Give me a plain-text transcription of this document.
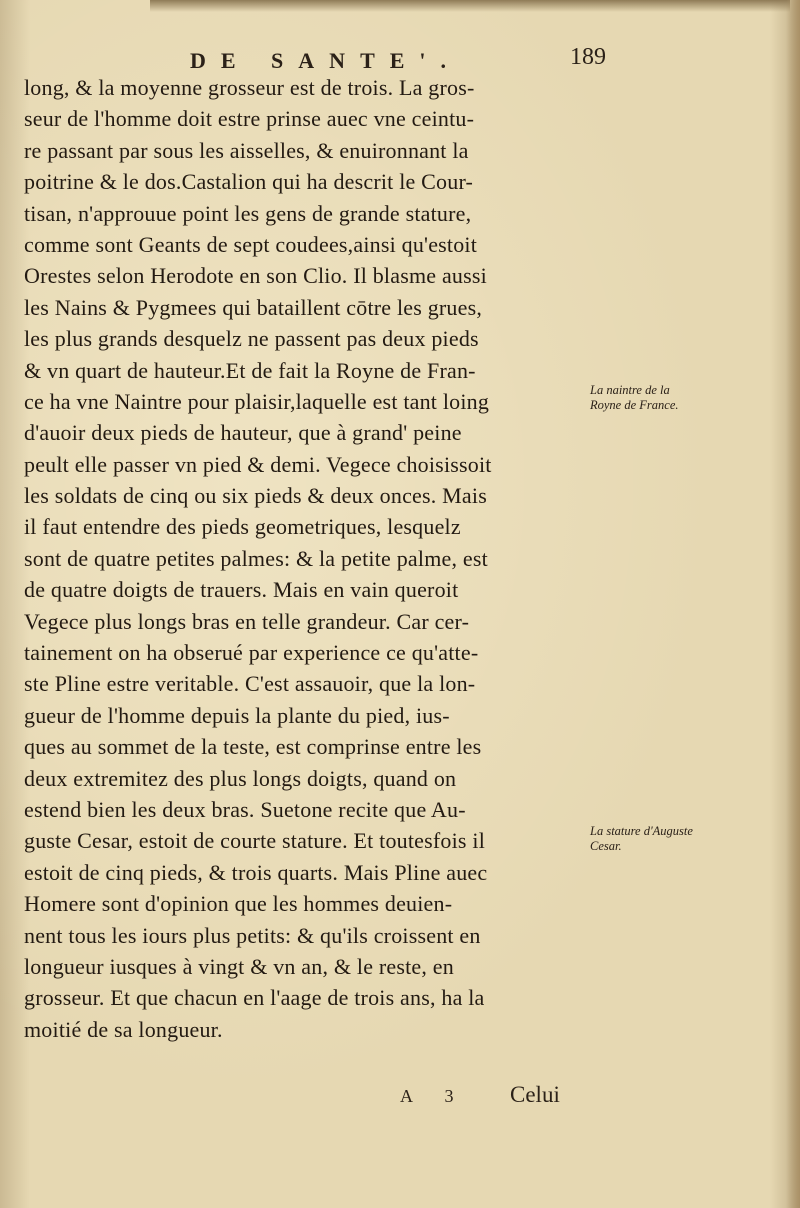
DE SANTE'.	189
long, & la moyenne grosseur est de trois. La gros-
seur de l'homme doit estre prinse auec vne ceintu-
re passant par sous les aisselles, & enuironnant la
poitrine & le dos.Castalion qui ha descrit le Cour-
tisan, n'approuue point les gens de grande stature,
comme sont Geants de sept coudees,ainsi qu'estoit
Orestes selon Herodote en son Clio. Il blasme aussi
les Nains & Pygmees qui bataillent cōtre les grues,
les plus grands desquelz ne passent pas deux pieds
& vn quart de hauteur.Et de fait la Royne de Fran-
ce ha vne Naintre pour plaisir,laquelle est tant loing
d'auoir deux pieds de hauteur, que à grand' peine
peult elle passer vn pied & demi. Vegece choisissoit
les soldats de cinq ou six pieds & deux onces. Mais
il faut entendre des pieds geometriques, lesquelz
sont de quatre petites palmes: & la petite palme, est
de quatre doigts de trauers. Mais en vain queroit
Vegece plus longs bras en telle grandeur. Car cer-
tainement on ha obserué par experience ce qu'atte-
ste Pline estre veritable. C'est assauoir, que la lon-
gueur de l'homme depuis la plante du pied, ius-
ques au sommet de la teste, est comprinse entre les
deux extremitez des plus longs doigts, quand on
estend bien les deux bras. Suetone recite que Au-
guste Cesar, estoit de courte stature. Et toutesfois il
estoit de cinq pieds, & trois quarts. Mais Pline auec
Homere sont d'opinion que les hommes deuien-
nent tous les iours plus petits: & qu'ils croissent en
longueur iusques à vingt & vn an, & le reste, en
grosseur. Et que chacun en l'aage de trois ans, ha la
moitié de sa longueur.
La naintre de la Royne de France.
La stature d'Auguste Cesar.
A 3 Celui
